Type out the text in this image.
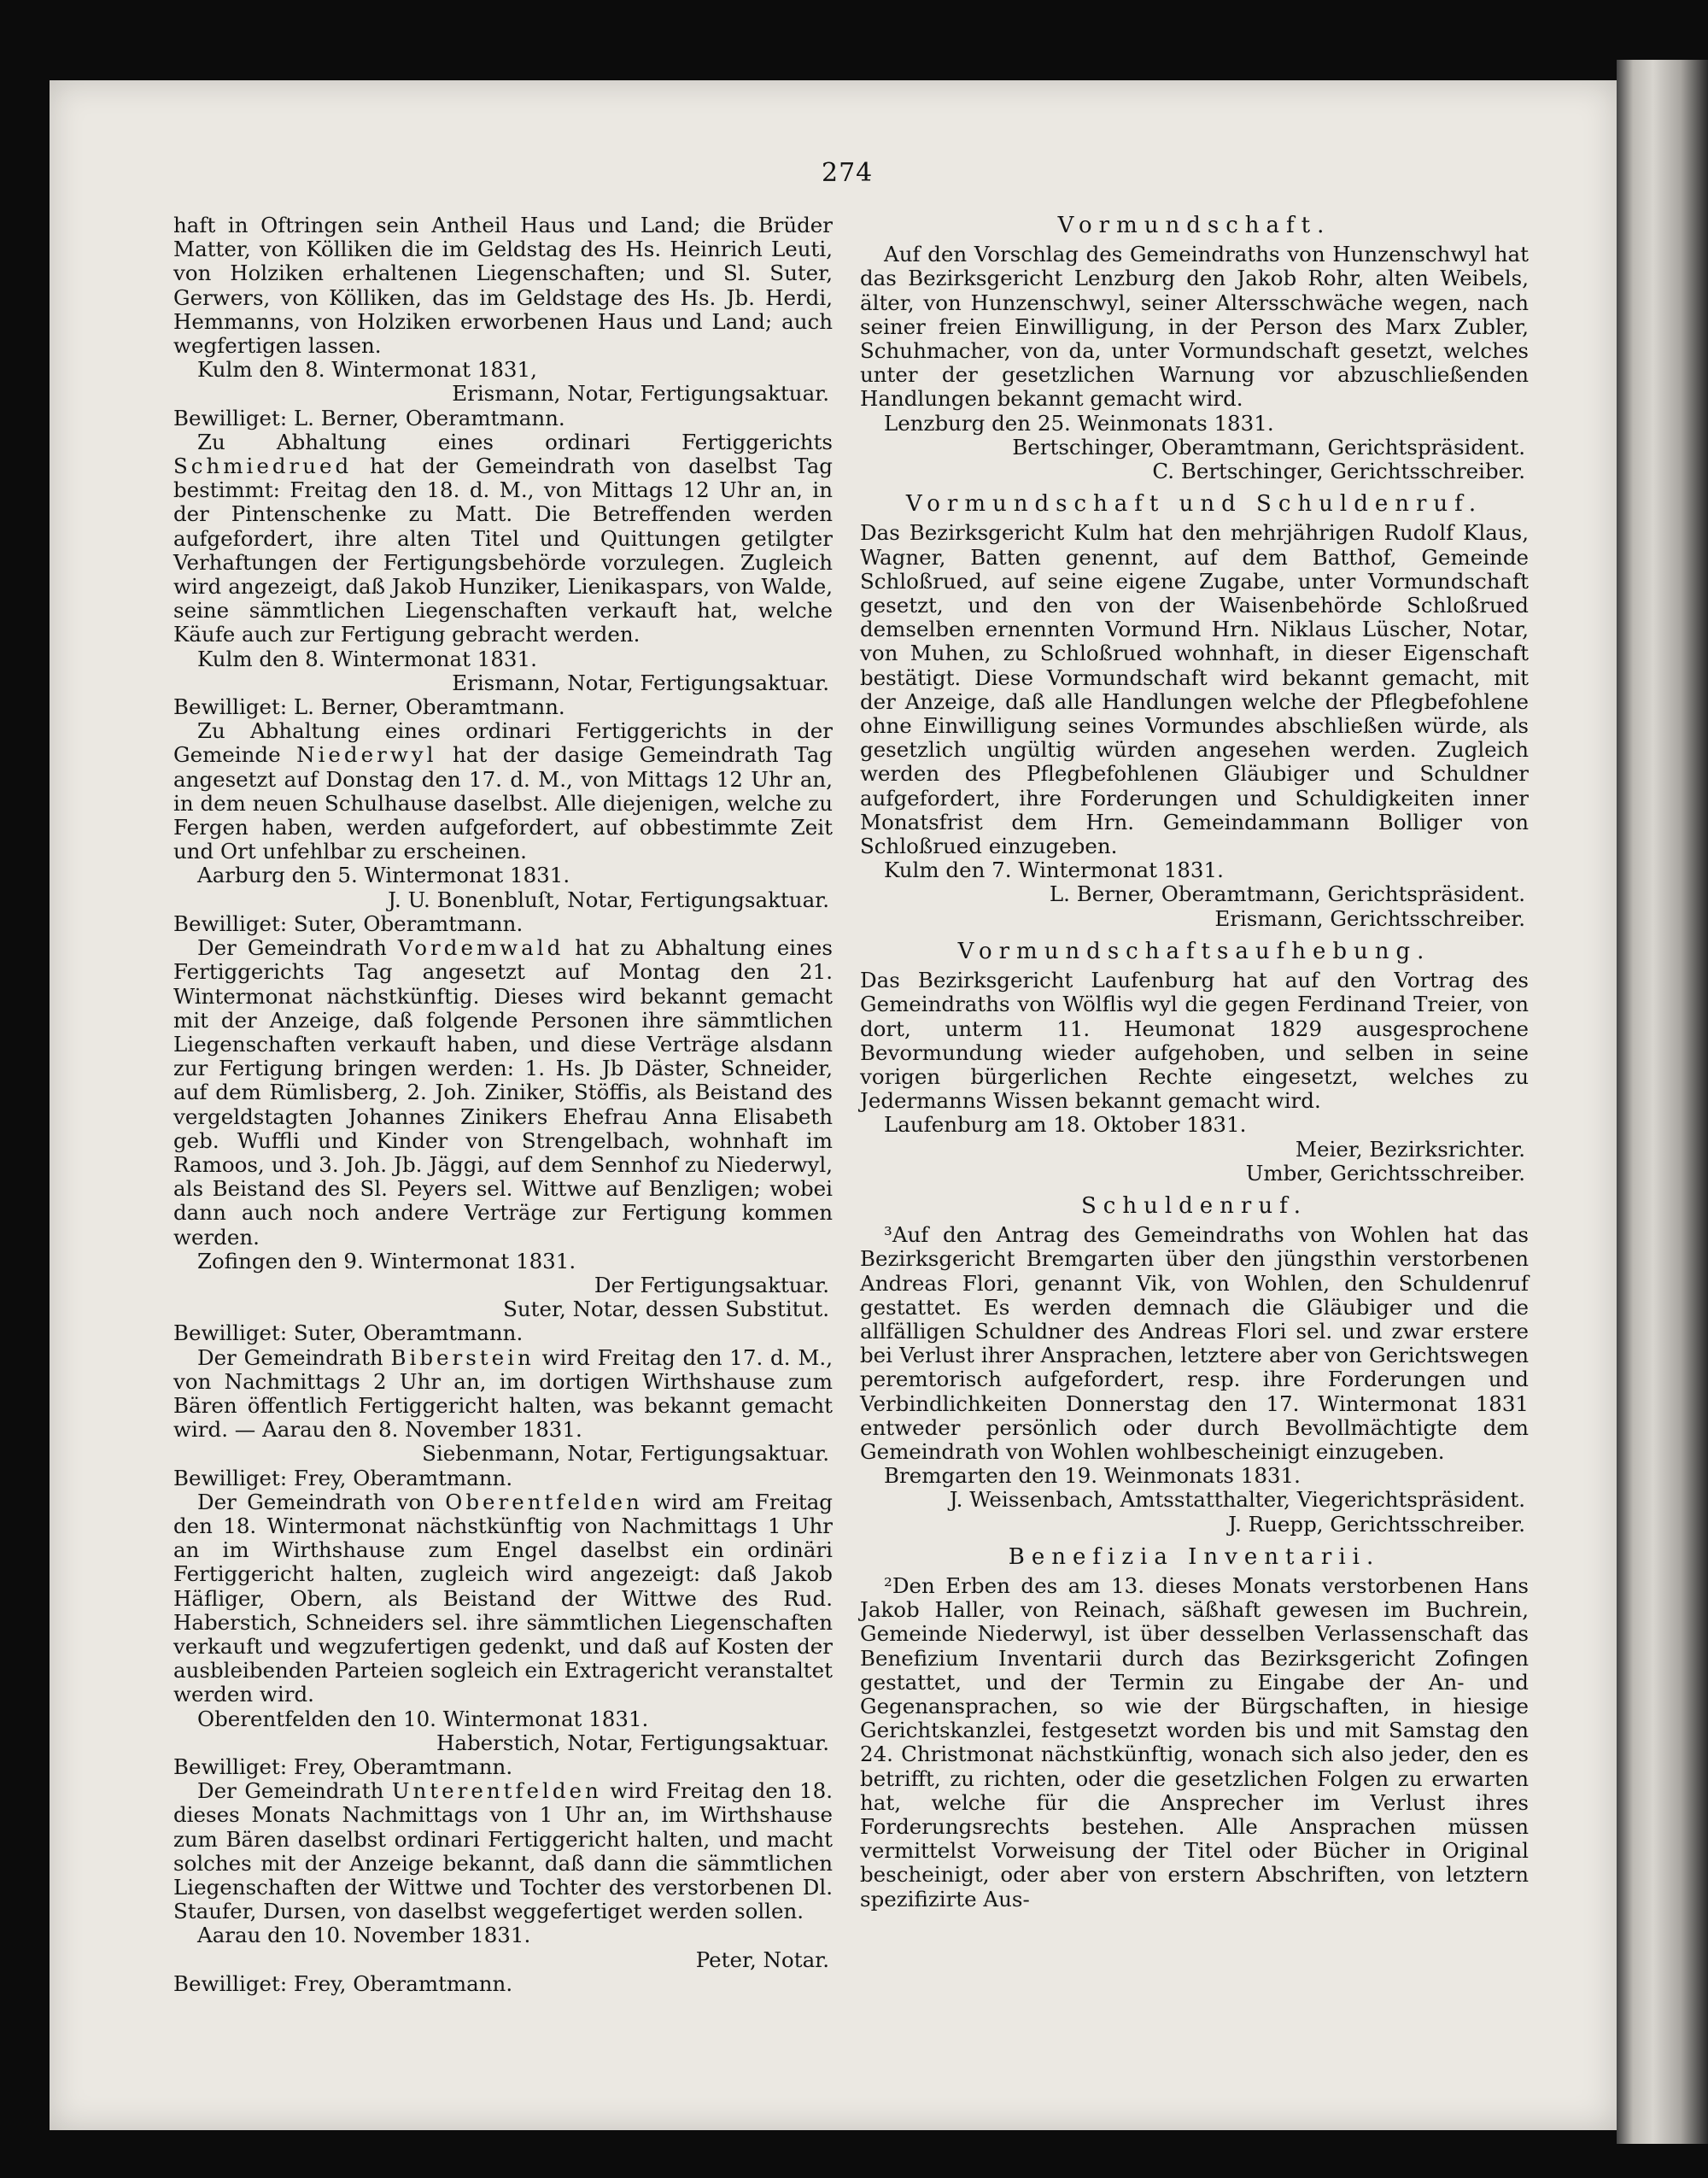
274

haft in Oftringen sein Antheil Haus und Land; die Brüder Matter, von Kölliken die im Geldstag des Hs. Heinrich Leuti, von Holziken erhaltenen Liegenschaften; und Sl. Suter, Gerwers, von Kölliken, das im Geldstage des Hs. Jb. Herdi, Hemmanns, von Holziken erworbenen Haus und Land; auch wegfertigen lassen.

Kulm den 8. Wintermonat 1831,

Erismann, Notar, Fertigungsaktuar.

Bewilliget: L. Berner, Oberamtmann.

Zu Abhaltung eines ordinari Fertiggerichts Schmiedrued hat der Gemeindrath von daselbst Tag bestimmt: Freitag den 18. d. M., von Mittags 12 Uhr an, in der Pintenschenke zu Matt. Die Betreffenden werden aufgefordert, ihre alten Titel und Quittungen getilgter Verhaftungen der Fertigungsbehörde vorzulegen. Zugleich wird angezeigt, daß Jakob Hunziker, Lienikaspars, von Walde, seine sämmtlichen Liegenschaften verkauft hat, welche Käufe auch zur Fertigung gebracht werden.

Kulm den 8. Wintermonat 1831.

Erismann, Notar, Fertigungsaktuar.

Bewilliget: L. Berner, Oberamtmann.

Zu Abhaltung eines ordinari Fertiggerichts in der Gemeinde Niederwyl hat der dasige Gemeindrath Tag angesetzt auf Donstag den 17. d. M., von Mittags 12 Uhr an, in dem neuen Schulhause daselbst. Alle diejenigen, welche zu Fergen haben, werden aufgefordert, auf obbestimmte Zeit und Ort unfehlbar zu erscheinen.

Aarburg den 5. Wintermonat 1831.

J. U. Bonenbluſt, Notar, Fertigungsaktuar.

Bewilliget: Suter, Oberamtmann.

Der Gemeindrath Vordemwald hat zu Abhaltung eines Fertiggerichts Tag angesetzt auf Montag den 21. Wintermonat nächstkünftig. Dieses wird bekannt gemacht mit der Anzeige, daß folgende Personen ihre sämmtlichen Liegenschaften verkauft haben, und diese Verträge alsdann zur Fertigung bringen werden: 1. Hs. Jb Däster, Schneider, auf dem Rümlisberg, 2. Joh. Ziniker, Stöffis, als Beistand des vergeldstagten Johannes Zinikers Ehefrau Anna Elisabeth geb. Wuffli und Kinder von Strengelbach, wohnhaft im Ramoos, und 3. Joh. Jb. Jäggi, auf dem Sennhof zu Niederwyl, als Beistand des Sl. Peyers sel. Wittwe auf Benzligen; wobei dann auch noch andere Verträge zur Fertigung kommen werden.

Zofingen den 9. Wintermonat 1831.

Der Fertigungsaktuar.

Suter, Notar, dessen Substitut.

Bewilliget: Suter, Oberamtmann.

Der Gemeindrath Biberstein wird Freitag den 17. d. M., von Nachmittags 2 Uhr an, im dortigen Wirthshause zum Bären öffentlich Fertiggericht halten, was bekannt gemacht wird. — Aarau den 8. November 1831.

Siebenmann, Notar, Fertigungsaktuar.

Bewilliget: Frey, Oberamtmann.

Der Gemeindrath von Oberentfelden wird am Freitag den 18. Wintermonat nächstkünftig von Nachmittags 1 Uhr an im Wirthshause zum Engel daselbst ein ordinäri Fertiggericht halten, zugleich wird angezeigt: daß Jakob Häfliger, Obern, als Beistand der Wittwe des Rud. Haberstich, Schneiders sel. ihre sämmtlichen Liegenschaften verkauft und wegzufertigen gedenkt, und daß auf Kosten der ausbleibenden Parteien sogleich ein Extragericht veranstaltet werden wird.

Oberentfelden den 10. Wintermonat 1831.

Haberstich, Notar, Fertigungsaktuar.

Bewilliget: Frey, Oberamtmann.

Der Gemeindrath Unterentfelden wird Freitag den 18. dieses Monats Nachmittags von 1 Uhr an, im Wirthshause zum Bären daselbst ordinari Fertiggericht halten, und macht solches mit der Anzeige bekannt, daß dann die sämmtlichen Liegenschaften der Wittwe und Tochter des verstorbenen Dl. Staufer, Dursen, von daselbst weggefertiget werden sollen.

Aarau den 10. November 1831.

Peter, Notar.

Bewilliget: Frey, Oberamtmann.

Vormundschaft.

Auf den Vorschlag des Gemeindraths von Hunzenschwyl hat das Bezirksgericht Lenzburg den Jakob Rohr, alten Weibels, älter, von Hunzenschwyl, seiner Altersschwäche wegen, nach seiner freien Einwilligung, in der Person des Marx Zubler, Schuhmacher, von da, unter Vormundschaft gesetzt, welches unter der gesetzlichen Warnung vor abzuschließenden Handlungen bekannt gemacht wird.

Lenzburg den 25. Weinmonats 1831.

Bertschinger, Oberamtmann, Gerichtspräsident.

C. Bertschinger, Gerichtsschreiber.

Vormundschaft und Schuldenruf.

Das Bezirksgericht Kulm hat den mehrjährigen Rudolf Klaus, Wagner, Batten genennt, auf dem Batthof, Gemeinde Schloßrued, auf seine eigene Zugabe, unter Vormundschaft gesetzt, und den von der Waisenbehörde Schloßrued demselben ernennten Vormund Hrn. Niklaus Lüscher, Notar, von Muhen, zu Schloßrued wohnhaft, in dieser Eigenschaft bestätigt. Diese Vormundschaft wird bekannt gemacht, mit der Anzeige, daß alle Handlungen welche der Pflegbefohlene ohne Einwilligung seines Vormundes abschließen würde, als gesetzlich ungültig würden angesehen werden. Zugleich werden des Pflegbefohlenen Gläubiger und Schuldner aufgefordert, ihre Forderungen und Schuldigkeiten inner Monatsfrist dem Hrn. Gemeindammann Bolliger von Schloßrued einzugeben.

Kulm den 7. Wintermonat 1831.

L. Berner, Oberamtmann, Gerichtspräsident.

Erismann, Gerichtsschreiber.

Vormundschaftsaufhebung.

Das Bezirksgericht Laufenburg hat auf den Vortrag des Gemeindraths von Wölflis wyl die gegen Ferdinand Treier, von dort, unterm 11. Heumonat 1829 ausgesprochene Bevormundung wieder aufgehoben, und selben in seine vorigen bürgerlichen Rechte eingesetzt, welches zu Jedermanns Wissen bekannt gemacht wird.

Laufenburg am 18. Oktober 1831.

Meier, Bezirksrichter.

Umber, Gerichtsschreiber.

Schuldenruf.

³Auf den Antrag des Gemeindraths von Wohlen hat das Bezirksgericht Bremgarten über den jüngsthin verstorbenen Andreas Flori, genannt Vik, von Wohlen, den Schuldenruf gestattet. Es werden demnach die Gläubiger und die allfälligen Schuldner des Andreas Flori sel. und zwar erstere bei Verlust ihrer Ansprachen, letztere aber von Gerichtswegen peremtorisch aufgefordert, resp. ihre Forderungen und Verbindlichkeiten Donnerstag den 17. Wintermonat 1831 entweder persönlich oder durch Bevollmächtigte dem Gemeindrath von Wohlen wohlbescheinigt einzugeben.

Bremgarten den 19. Weinmonats 1831.

J. Weissenbach, Amtsstatthalter, Viegerichtspräsident.

J. Ruepp, Gerichtsschreiber.

Benefizia Inventarii.

²Den Erben des am 13. dieses Monats verstorbenen Hans Jakob Haller, von Reinach, säßhaft gewesen im Buchrein, Gemeinde Niederwyl, ist über desselben Verlassenschaft das Benefizium Inventarii durch das Bezirksgericht Zofingen gestattet, und der Termin zu Eingabe der An- und Gegenansprachen, so wie der Bürgschaften, in hiesige Gerichtskanzlei, festgesetzt worden bis und mit Samstag den 24. Christmonat nächstkünftig, wonach sich also jeder, den es betrifft, zu richten, oder die gesetzlichen Folgen zu erwarten hat, welche für die Ansprecher im Verlust ihres Forderungsrechts bestehen. Alle Ansprachen müssen vermittelst Vorweisung der Titel oder Bücher in Original bescheinigt, oder aber von erstern Abschriften, von letztern spezifizirte Aus-
